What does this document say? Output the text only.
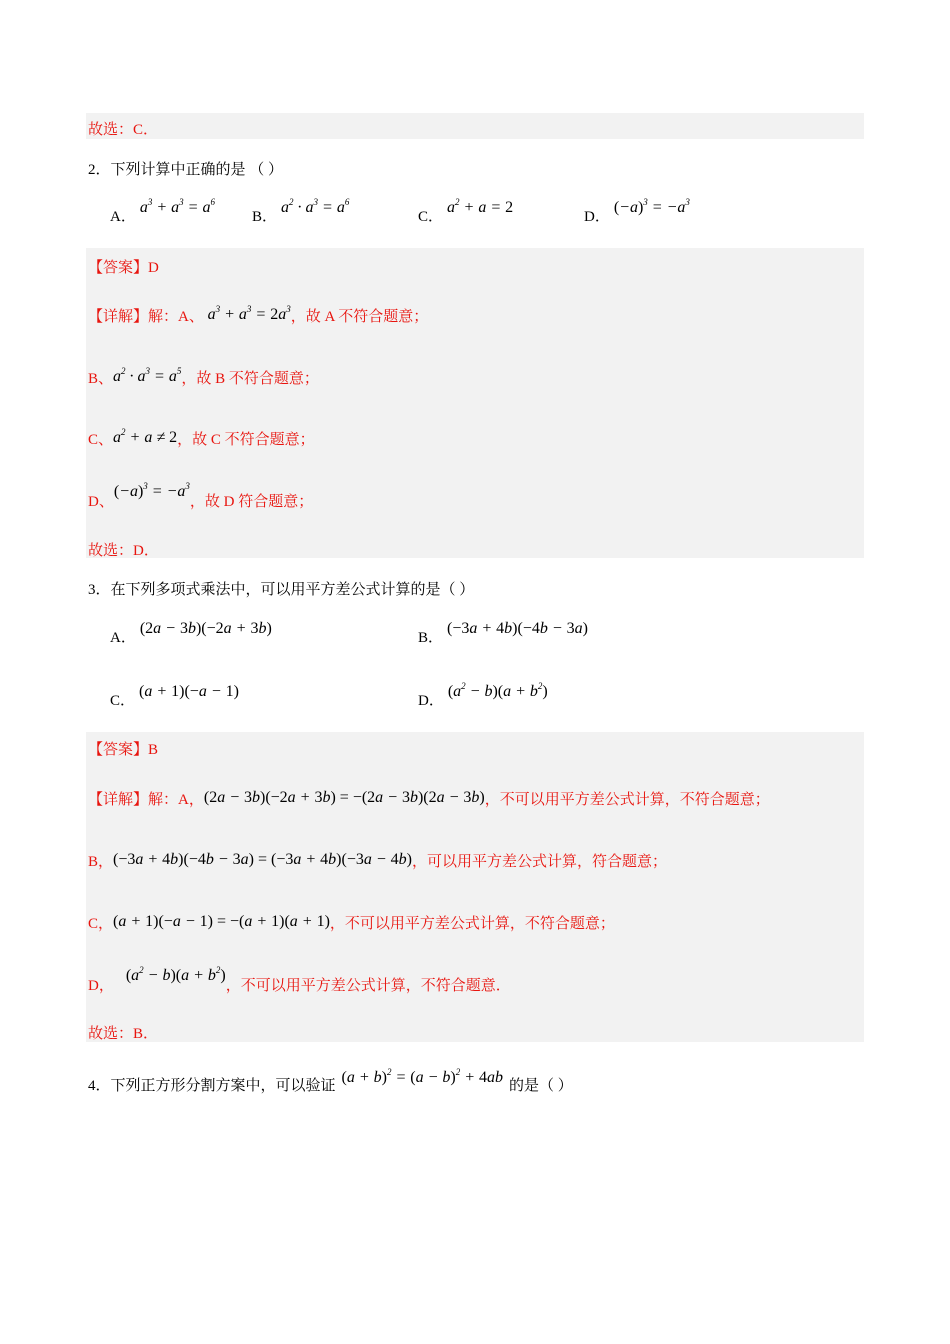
故选：C．
2．下列计算中正确的是 （ ）
A．$a^3 + a^3 = a^6$
B．$a^2 \cdot a^3 = a^6$
C．$a^2 + a = 2$
D．$(-a)^3 = -a^3$
【答案】D
【详解】解：A、 $a^3 + a^3 = 2a^3$，故 A 不符合题意；
B、$a^2 \cdot a^3 = a^5$，故 B 不符合题意；
C、$a^2 + a \ne 2$，故 C 不符合题意；
D、$(-a)^3 = -a^3$，故 D 符合题意；
故选：D．
3．在下列多项式乘法中，可以用平方差公式计算的是（ ）
A．(2a − 3b)(−2a + 3b)
B．(−3a + 4b)(−4b − 3a)
C．(a + 1)(−a − 1)
D．$(a^2 - b)(a + b^2)$
【答案】B
【详解】解：A，(2a − 3b)(−2a + 3b) = −(2a − 3b)(2a − 3b)，不可以用平方差公式计算，不符合题意；
B，(−3a + 4b)(−4b − 3a) = (−3a + 4b)(−3a − 4b)，可以用平方差公式计算，符合题意；
C，(a + 1)(−a − 1) = −(a + 1)(a + 1)，不可以用平方差公式计算，不符合题意；
D，$(a^2 - b)(a + b^2)$，不可以用平方差公式计算，不符合题意．
故选：B．
4．下列正方形分割方案中，可以验证 $(a + b)^2 = (a - b)^2 + 4ab$ 的是（ ）
